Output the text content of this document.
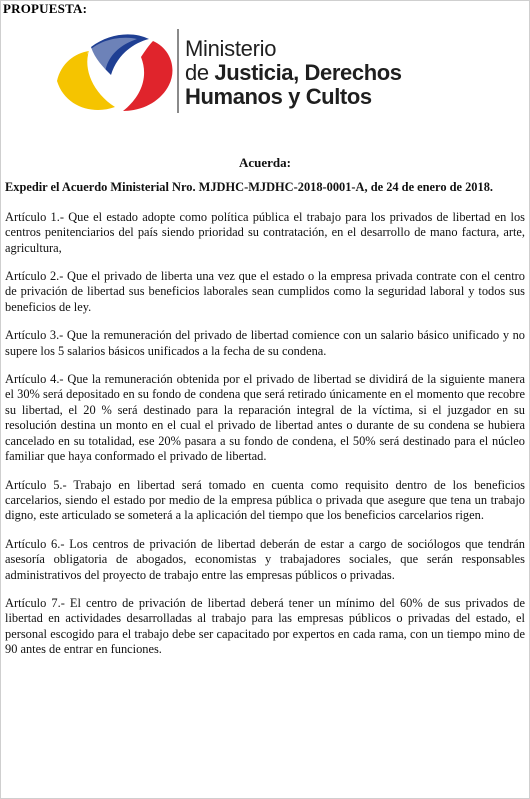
PROPUESTA:
Ministerio
de Justicia, Derechos
Humanos y Cultos
Acuerda:
Expedir el Acuerdo Ministerial Nro. MJDHC-MJDHC-2018-0001-A, de 24 de enero de 2018.
Artículo 1.- Que el estado adopte como política pública el trabajo para los privados de libertad en los centros penitenciarios del país siendo prioridad su contratación, en el desarrollo de mano factura, arte, agricultura,
Artículo 2.- Que el privado de liberta una vez que el estado o la empresa privada contrate con el centro de privación de libertad sus beneficios laborales sean cumplidos como la seguridad laboral y todos sus beneficios de ley.
Artículo 3.- Que la remuneración del privado de libertad comience con un salario básico unificado y no supere los 5 salarios básicos unificados a la fecha de su condena.
Artículo 4.- Que la remuneración obtenida por el privado de libertad se dividirá de la siguiente manera el 30% será depositado en su fondo de condena que será retirado únicamente en el momento que recobre su libertad, el 20 % será destinado para la reparación integral de la víctima, si el juzgador en su resolución destina un monto en el cual el privado de libertad antes o durante de su condena se hubiera cancelado en su totalidad, ese 20% pasara a su fondo de condena, el 50% será destinado para el núcleo familiar que haya conformado el privado de libertad.
Artículo 5.- Trabajo en libertad será tomado en cuenta como requisito dentro de los beneficios carcelarios, siendo el estado por medio de la empresa pública o privada que asegure que tena un trabajo digno, este articulado se someterá a la aplicación del tiempo que los beneficios carcelarios rigen.
Artículo 6.- Los centros de privación de libertad deberán de estar a cargo de sociólogos que tendrán asesoría obligatoria de abogados, economistas y trabajadores sociales, que serán responsables administrativos del proyecto de trabajo entre las empresas públicos o privadas.
Artículo 7.- El centro de privación de libertad deberá tener un mínimo del 60% de sus privados de libertad en actividades desarrolladas al trabajo para las empresas públicos o privadas del estado, el personal escogido para el trabajo debe ser capacitado por expertos en cada rama, con un tiempo mino de 90 antes de entrar en funciones.
